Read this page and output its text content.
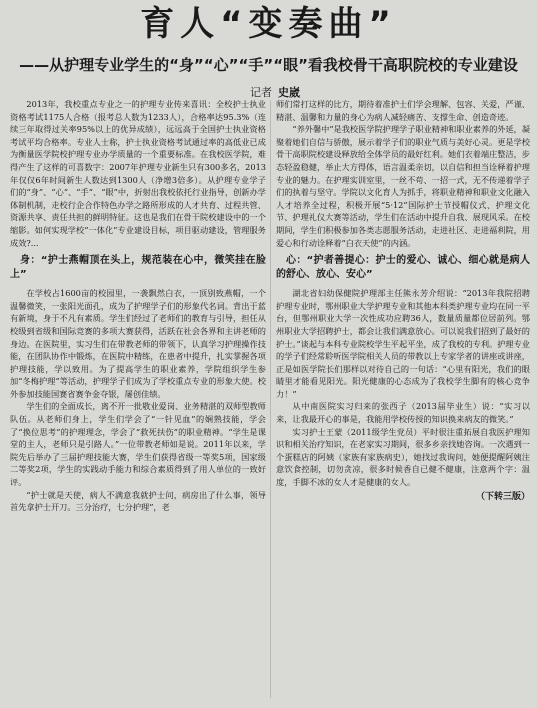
育人“变奏曲”
——从护理专业学生的“身”“心”“手”“眼”看我校骨干高职院校的专业建设
记者 史崴

2013年，我校重点专业之一的护理专业传来喜讯：全校护士执业资格考试1175人合格（报考总人数为1233人），合格率达95.3%（连续三年取得过关率95%以上的优异成绩），远远高于全国护士执业资格考试平均合格率。专业人士称，护士执业资格考试通过率的高低业已成为衡量医学院校护理专业办学质量的一个重要标准。在我校医学院，难得产生了这样的可喜数字：2007年护理专业新生只有300多名，2013年仅仅6年时间新生人数达到1300人（净增3倍多）。从护理专业学子们的“身”、“心”、“手”、“眼”中，折射出我校依托行业指导，创新办学体制机制，走校行企合作特色办学之路所形成的人才共育、过程共管、资源共享、责任共担的鲜明特征。这也是我们在骨干院校建设中的一个缩影。如何实现学校“一体化”专业建设目标，项目驱动建设，管理服务成效?...

身：“护士燕帽顶在头上，规范装在心中，微笑挂在脸上”

在学校占1600亩的校园里，一袭飘然白衣，一顶别致燕帽，一个温馨微笑，一张阳光面孔，成为了护理学子们的形象代名词。背出于蓝有新境，身于不凡有素质。学生们经过了老师们的教育与引导，担任从校级到省级和国际竞赛的多项大赛获得，活跃在社会各界和主讲老师的身边。在医院里，实习生们在带教老师的带领下，认真学习护理操作技能，在团队协作中锻炼，在医院中精练，在患者中提升，扎实掌握各项护理技能，学以致用。为了提高学生的职业素养，学院组织学生参加“冬梅护理”等活动，护理学子们成为了学校重点专业的形象大使。校外参加技能国赛省赛争金夺银，屡创佳绩。

学生们的全面成长，离不开一批敬业爱岗、业务精湛的双师型教师队伍。从老师们身上，学生们学会了“一针见血”的娴熟技能，学会了“换位思考”的护理理念，学会了“救死扶伤”的职业精神。“学生是课堂的主人，老师只是引路人。”一位带教老师如是说。2011年以来，学院先后举办了三届护理技能大赛，学生们获得省级一等奖5项，国家级二等奖2项，学生的实践动手能力和综合素质得到了用人单位的一致好评。

“护士就是天使，病人不满意我就护士问，病房出了什么事，领导首先拿护士开刀。三分治疗，七分护理”，老

师们常打这样的比方，期待着准护士们学会理解、包容、关爱，严谨、精湛、温馨和力量的身心为病人减轻痛苦、支撑生命、创造奇迹。

“养外馨中”是我校医学院护理学子职业精神和职业素养的外延，凝聚着她们自信与骄傲，展示着学子们的职业气质与美好心灵。更是学校骨干高职院校建设释放给全体学员的最好红利。她们衣着端庄整洁，步态轻盈稳健，举止大方得体，语言温柔亲切，以自信和担当诠释着护理专业的魅力。在护理实训室里，一丝不苟、一招一式，无不传递着学子们的执着与坚守。学院以文化育人为抓手，将职业精神和职业文化融入人才培养全过程，积极开展“5·12”国际护士节授帽仪式、护理文化节、护理礼仪大赛等活动，学生们在活动中提升自我、展现风采。在校期间，学生们积极参加各类志愿服务活动，走进社区、走进福利院，用爱心和行动诠释着“白衣天使”的内涵。

心：“护者善提心：护士的爱心、诚心、细心就是病人的舒心、放心、安心”

湖北省妇幼保健院护理部主任熊永芳介绍说：“2013年我院招聘护理专业时，鄂州职业大学护理专业和其他本科类护理专业均在同一平台，但鄂州职业大学一次性成功应聘36人，数量质量都位居前列。鄂州职业大学招聘护士，都会让我们满意放心。可以说我们招到了最好的护士。”谈起与本科专业院校学生平起平坐，成了我校的专利。护理专业的学子们经常聆听医学院相关人员的带教以上专家学者的讲座或讲座，正是如医学院长们那样以对待自己的一句话：“心里有阳光，我们的眼睛里才能看见阳光。阳光健康的心态成为了我校学生脚有的核心竞争力！”

从中南医院实习归来的张西子（2013届毕业生）说：“实习以来，让我最开心的事是，我能用学校传授的知识换来病友的微笑。”

实习护士王蒙（2011级学生党员）平时很注重拓展自我医护理知识和相关治疗知识，在老家实习期间，很多乡亲找她咨询。一次遇到一个蛋糕店的阿姨（家族有家族病史），她找过我询问，她便提醒阿姨注意饮食控制，切勿贪凉，很多时候香自已健不健康，注意两个字：温度，手脚不冰的女人才是健康的女人。

（下转三版）
